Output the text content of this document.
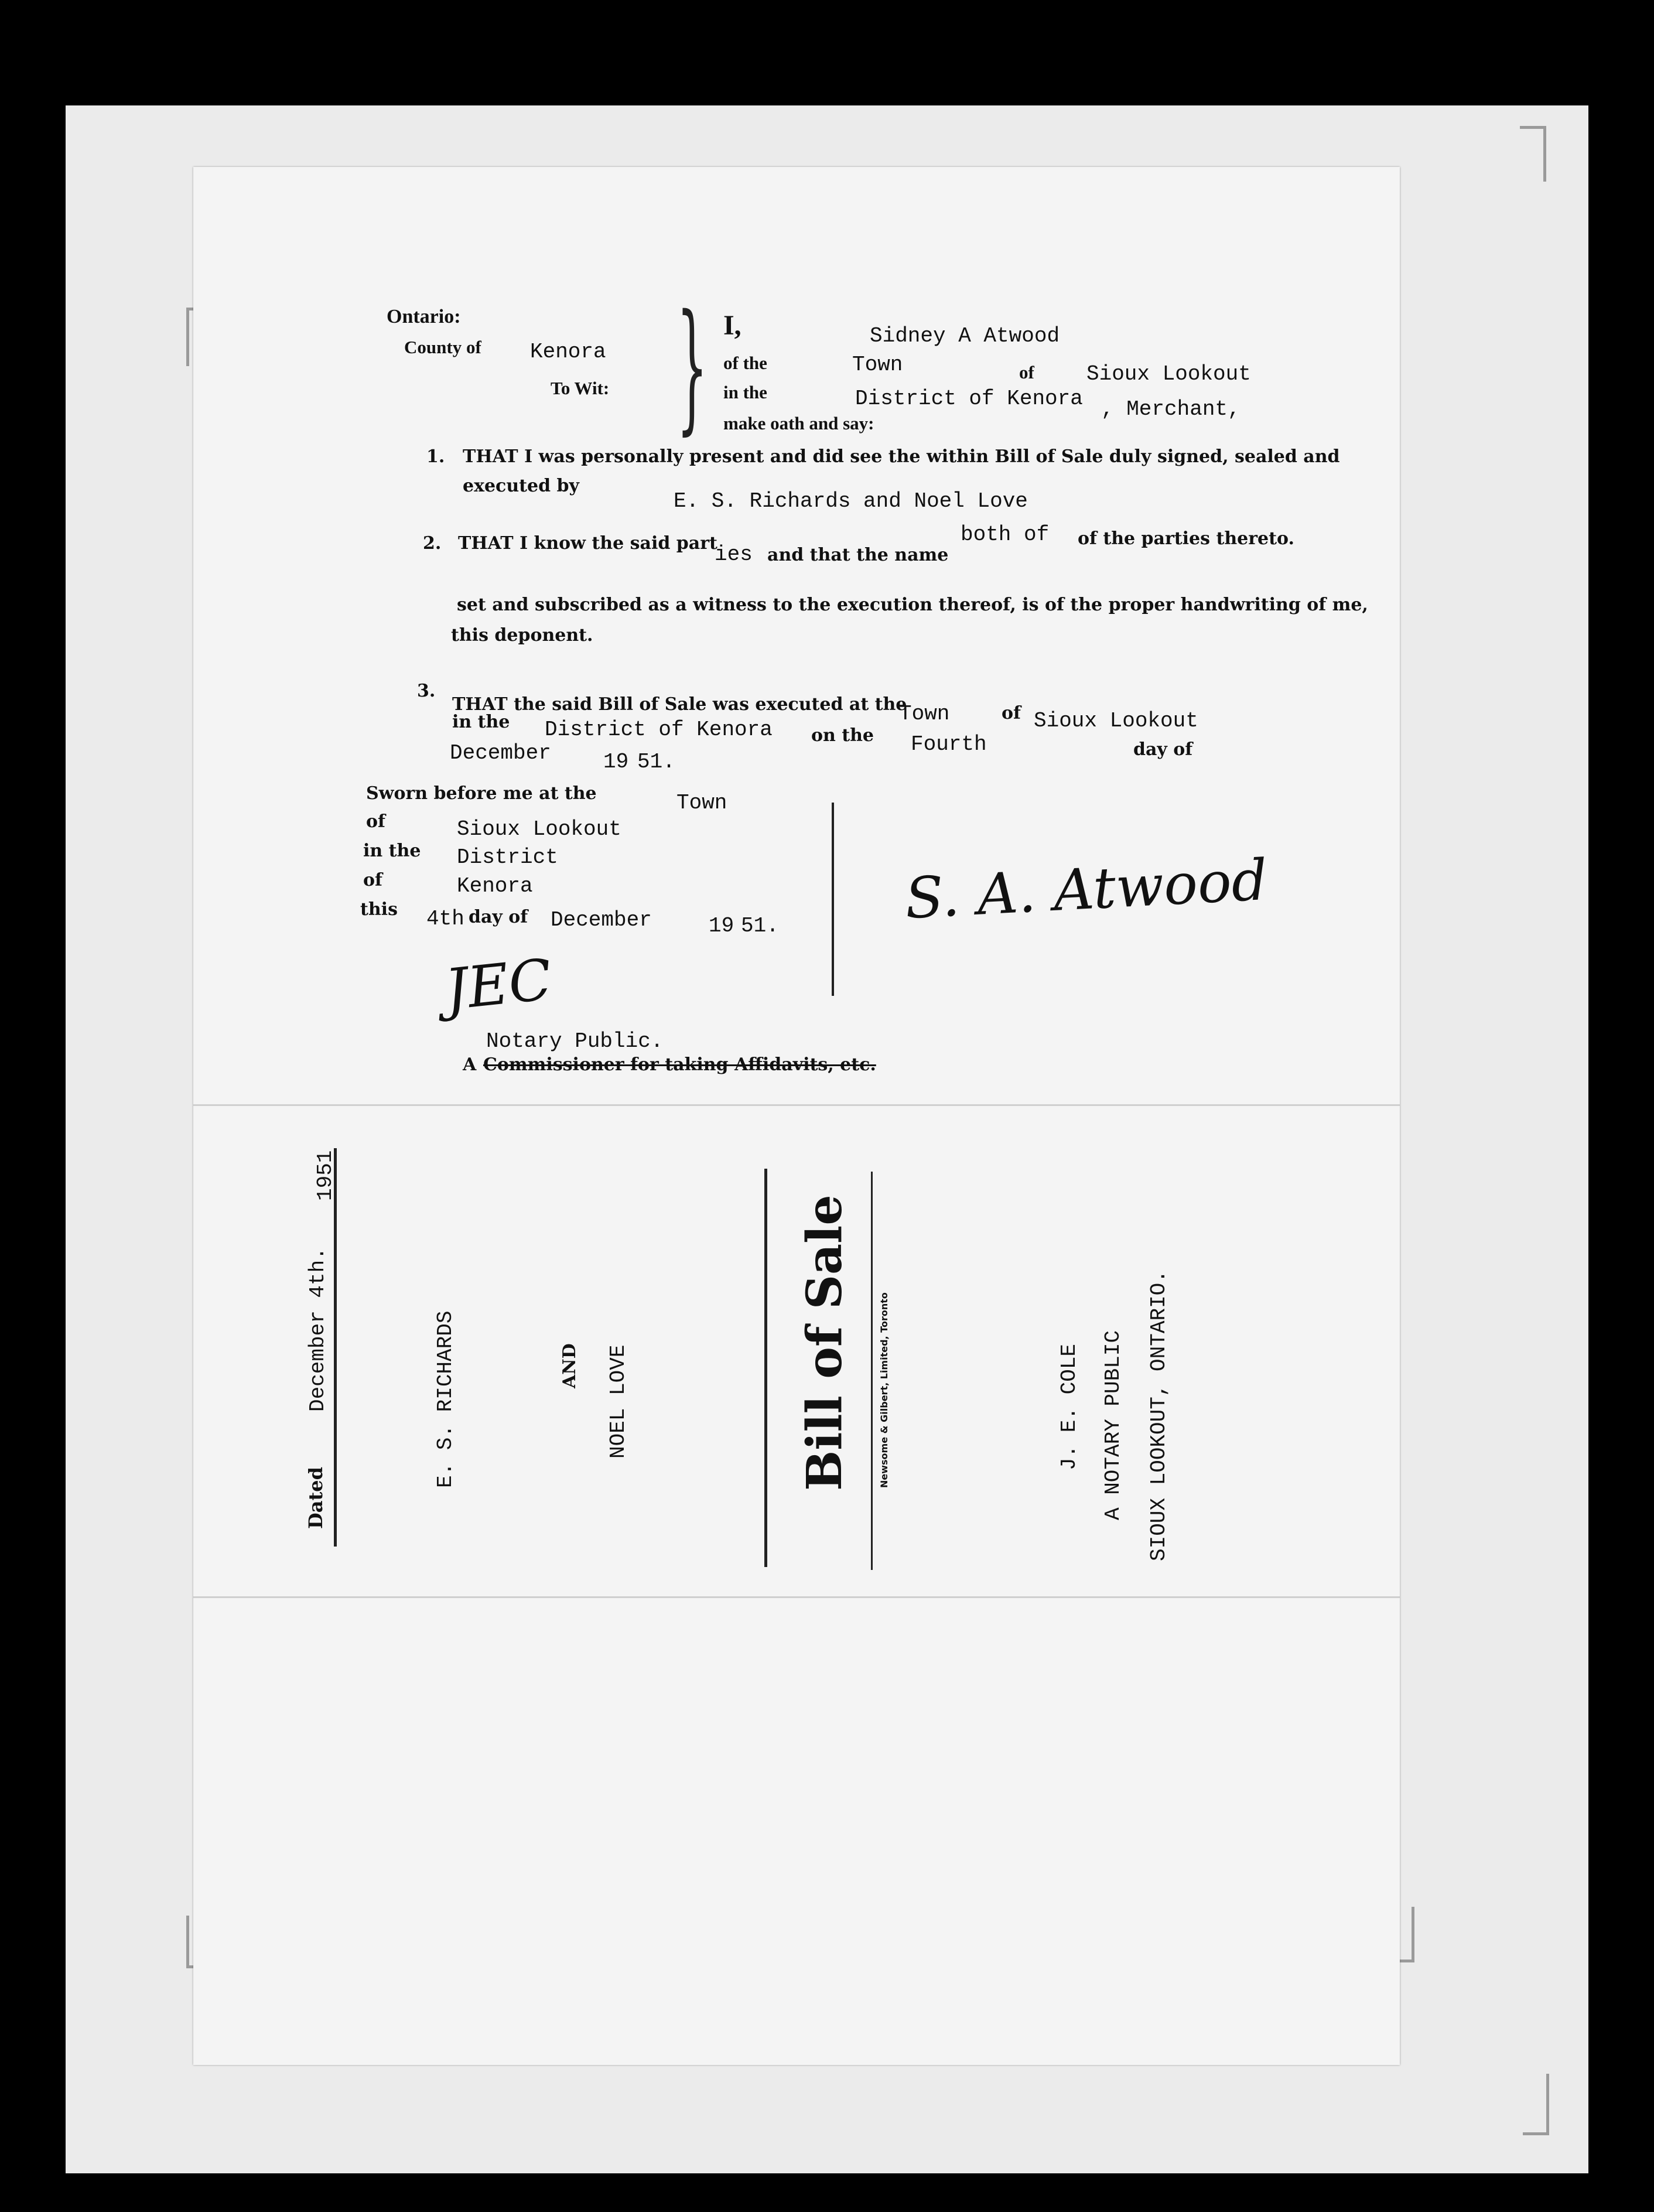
Ontario:
County of Kenora
To Wit: } I,	Sidney A Atwood
of the	Town	of Sioux Lookout
in the	District of Kenora , Merchant,
make oath and say:
1. THAT I was personally present and did see the within Bill of Sale duly signed, sealed and
executed by
E. S. Richards and Noel Love
both of of the parties thereto.
2. THAT I know the said part
ies and that the name
set and subscribed as a witness to the execution thereof, is of the proper handwriting of me,
this deponent.
3.
THAT the said Bill of Sale was executed at the
Town	of Sioux Lookout
in the District of Kenora on the Fourth	day of
December 19 51.
Sworn before me at the	Town
of	Sioux Lookout
in the District
of	Kenora
this 4th day of December	19 51.
JEC
Notary Public.
A Commissioner for taking Affidavits, etc.
S. A. Atwood
Dated
December 4th.
1951
E. S. RICHARDS	AND NOEL LOVE	Bill of Sale	Newsome & Gilbert, Limited, Toronto	J. E. COLE A NOTARY PUBLIC SIOUX LOOKOUT, ONTARIO.
